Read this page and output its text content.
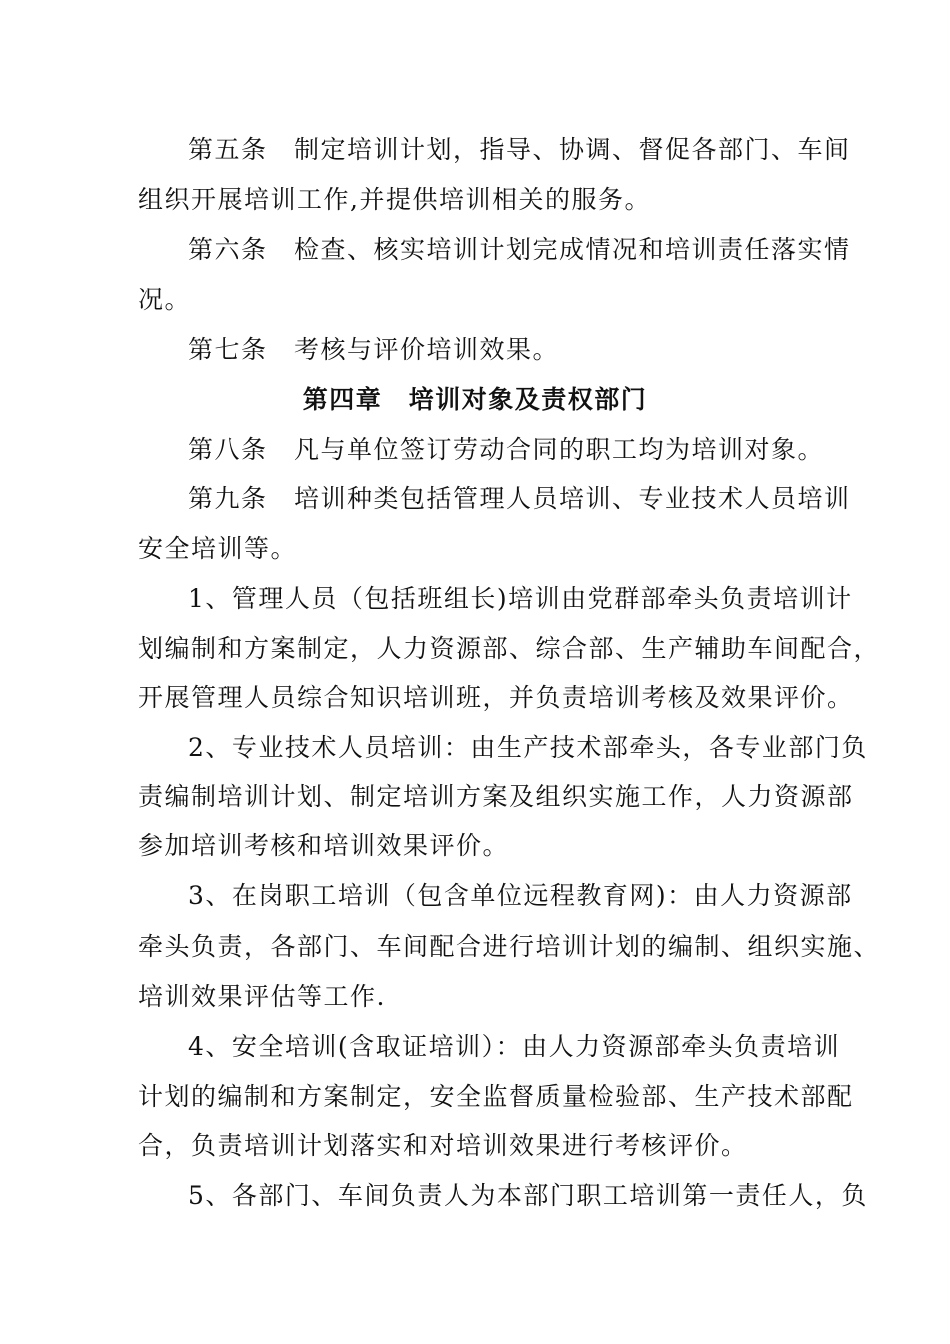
第五条　制定培训计划，指导、协调、督促各部门、车间
组织开展培训工作,并提供培训相关的服务。
第六条　检查、核实培训计划完成情况和培训责任落实情
况。
第七条　考核与评价培训效果。
第四章　培训对象及责权部门
第八条　凡与单位签订劳动合同的职工均为培训对象。
第九条　培训种类包括管理人员培训、专业技术人员培训
安全培训等。
1、管理人员（包括班组长)培训由党群部牵头负责培训计
划编制和方案制定，人力资源部、综合部、生产辅助车间配合，
开展管理人员综合知识培训班，并负责培训考核及效果评价。
2、专业技术人员培训：由生产技术部牵头，各专业部门负
责编制培训计划、制定培训方案及组织实施工作，人力资源部
参加培训考核和培训效果评价。
3、在岗职工培训（包含单位远程教育网)：由人力资源部
牵头负责，各部门、车间配合进行培训计划的编制、组织实施、
培训效果评估等工作.
4、安全培训(含取证培训）：由人力资源部牵头负责培训
计划的编制和方案制定，安全监督质量检验部、生产技术部配
合，负责培训计划落实和对培训效果进行考核评价。
5、各部门、车间负责人为本部门职工培训第一责任人，负
